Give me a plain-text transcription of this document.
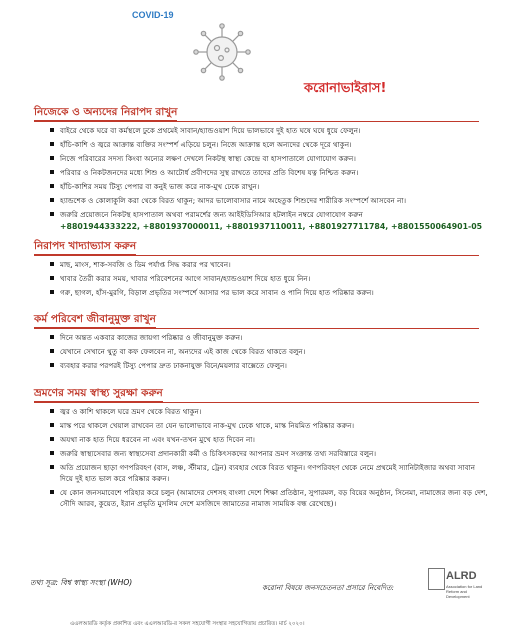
COVID-19
করোনাভাইরাস!
নিজেকে ও অন্যদের নিরাপদ রাখুন
বাইরে থেকে ঘরে বা কর্মস্থলে ঢুকে প্রথমেই সাবান/হ্যান্ডওয়াশ দিয়ে ভালভাবে দুই হাত ঘষে ঘষে ধুয়ে ফেলুন।
হাঁচি-কাশি ও জ্বরে আক্রান্ত ব্যক্তির সংস্পর্শ এড়িয়ে চলুন। নিজে আক্রান্ত হলে অন্যদের থেকে দূরে থাকুন।
নিজে পরিবারের সদস্য কিংবা অন্যের লক্ষণ দেখলে নিকটস্থ স্বাস্থ্য কেন্দ্রে বা হাসপাতালে যোগাযোগ করুন।
পরিবার ও নিকটজনদের মধ্যে শিশু ও আটোর্ধ প্রবীণদের সুস্থ রাখতে তাদের প্রতি বিশেষ যত্ন নিশ্চিত করুন।
হাঁচি-কাশির সময় টিস্যু পেপার বা কনুই ভাজ করে নাক-মুখ ঢেকে রাখুন।
হ্যান্ডশেক ও কোলাকুলি করা থেকে বিরত থাকুন; আদর ভালোবাসার নামে অহেতুক শিশুদের শারীরিক সংস্পর্শে আসবেন না।
জরুরি প্রয়োজনে নিকটস্থ হাসপাতাল অথবা পরামর্শের জন্য আইইডিসিআর হটলাইন নম্বরে যোগাযোগ করুন
+8801944333222, +8801937000011, +8801937110011, +8801927711784, +8801550064901-05
নিরাপদ খাদ্যাভ্যাস করুন
মাছ, মাংস, শাক-সবজি ও ডিম পর্যাপ্ত সিদ্ধ করার পর খাবেন।
খাবার তৈরী করার সময়, খাবার পরিবেশনের আগে সাবান/হ্যান্ডওয়াশ দিয়ে হাত ধুয়ে নিন।
গরু, ছাগল, হাঁস-মুরগি, বিড়াল প্রভৃতির সংস্পর্শে আসার পর ভাল করে সাবান ও পানি দিয়ে হাত পরিষ্কার করুন।
কর্ম পরিবেশ জীবানুমুক্ত রাখুন
দিনে অন্তত একবার কাজের জায়গা পরিষ্কার ও জীবানুমুক্ত করুন।
যেখানে সেখানে থুতু বা কফ ফেলবেন না, অন্যদের এই কাজ থেকে বিরত থাকতে বলুন।
ব্যবহার করার পরপরই টিস্যু পেপার দ্রুত ঢাকনাযুক্ত বিনে/ময়লার বাক্সেতে ফেলুন।
ভ্রমণের সময় স্বাস্থ্য সুরক্ষা করুন
জ্বর ও কাশি থাকলে ঘরে ভ্রমণ থেকে বিরত থাকুন।
মাস্ক পরে থাকলে খেয়াল রাখবেন তা যেন ভালোভাবে নাক-মুখ ঢেকে থাকে, মাস্ক নিয়মিত পরিষ্কার করুন।
অযথা নাক হাত দিয়ে ধরবেন না এবং যখন-তখন মুখে হাত দিবেন না।
জরুরি স্বাস্থ্যসেবার জন্য স্বাস্থ্যসেবা প্রদানকারী কর্মী ও চিকিৎসকদের আপনার ভ্রমণ সংক্রান্ত তথ্য সরবিস্তারে বলুন।
অতি প্রয়োজন ছাড়া গণপরিবহণ (বাস, লঞ্চ, স্টীমার, ট্রেন) ব্যবহার থেকে বিরত থাকুন। গণপরিবহণ থেকে নেমে প্রথমেই স্যানিটাইজার অথবা সাবান দিয়ে দুই হাত ভাল করে পরিষ্কার করুন।
যে কোন জনসমাবেশে পরিহার করে চলুন (আমাদের দেশসহ বাংলা দেশে শিক্ষা প্রতিষ্ঠান, সুপারমল, বড় বিয়ের অনুষ্ঠান, সিনেমা, নামাজের জন্য বড় দেশ, সৌদি আরব, কুয়েত, ইরান প্রভৃতি মুসলিম দেশে মসজিদে জামাতের নামাজ সাময়িক বন্ধ রেখেছে)।
তথ্য সূত্র: বিশ্ব স্বাস্থ্য সংস্থা (WHO)
করোনা বিষয়ে জনসচেতনতা প্রসারে নিবেদিত:
ALRD
Association for Land Reform and Development
এএলআরডি কর্তৃক প্রকাশিত এবং এএলআরডি-র সকল সহযোগী সংস্থার সহযোগিতায় প্রচারিত। মার্চ ২০২০।
